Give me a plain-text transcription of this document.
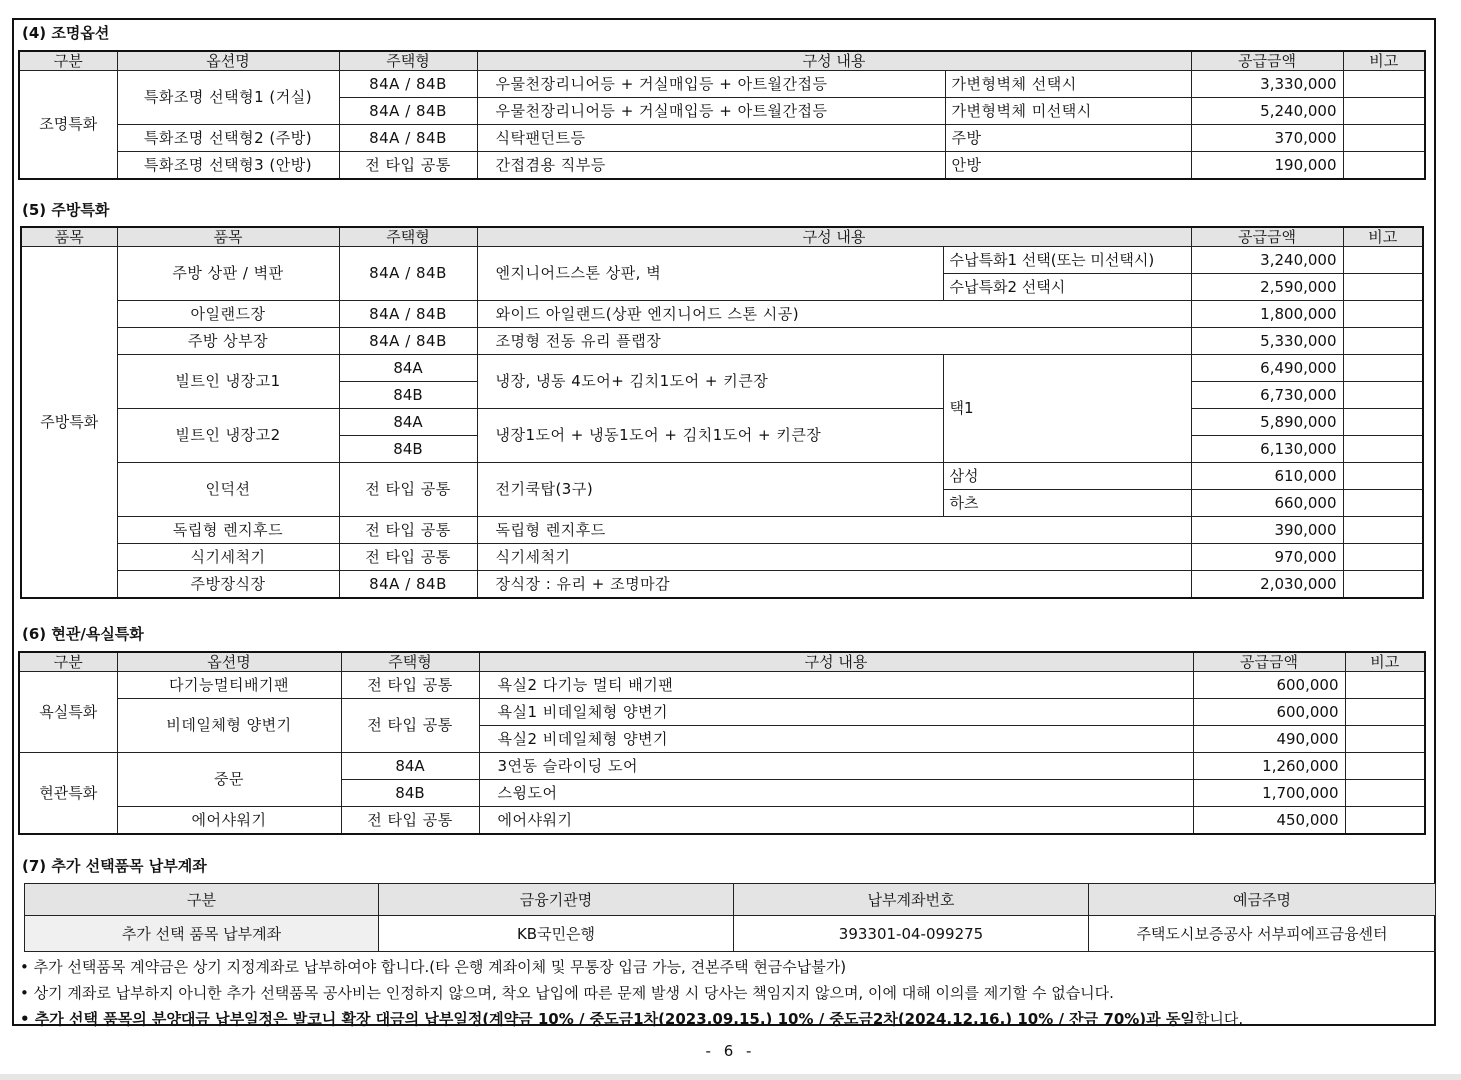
(4) 조명옵션
구분	옵션명	주택형	구성 내용		공급금액	비고
조명특화	특화조명 선택형1 (거실)	84A / 84B	우물천장리니어등 + 거실매입등 + 아트월간접등	가변형벽체 선택시	3,330,000	
		84A / 84B	우물천장리니어등 + 거실매입등 + 아트월간접등	가변형벽체 미선택시	5,240,000	
	특화조명 선택형2 (주방)	84A / 84B	식탁팬던트등	주방	370,000	
	특화조명 선택형3 (안방)	전 타입 공통	간접겸용 직부등	안방	190,000	
(5) 주방특화
품목	품목	주택형	구성 내용		공급금액	비고
주방특화	주방 상판 / 벽판	84A / 84B	엔지니어드스톤 상판, 벽	수납특화1 선택(또는 미선택시)	3,240,000	
				수납특화2 선택시	2,590,000	
	아일랜드장	84A / 84B	와이드 아일랜드(상판 엔지니어드 스톤 시공)		1,800,000	
	주방 상부장	84A / 84B	조명형 전동 유리 플랩장		5,330,000	
	빌트인 냉장고1	84A	냉장, 냉동 4도어+ 김치1도어 + 키큰장	택1	6,490,000	
		84B			6,730,000	
	빌트인 냉장고2	84A	냉장1도어 + 냉동1도어 + 김치1도어 + 키큰장		5,890,000	
		84B			6,130,000	
	인덕션	전 타입 공통	전기쿡탑(3구)	삼성	610,000	
				하츠	660,000	
	독립형 렌지후드	전 타입 공통	독립형 렌지후드		390,000	
	식기세척기	전 타입 공통	식기세척기		970,000	
	주방장식장	84A / 84B	장식장 : 유리 + 조명마감		2,030,000	
(6) 현관/욕실특화
구분	옵션명	주택형	구성 내용	공급금액	비고
욕실특화	다기능멀티배기팬	전 타입 공통	욕실2 다기능 멀티 배기팬	600,000	
	비데일체형 양변기	전 타입 공통	욕실1 비데일체형 양변기	600,000	
			욕실2 비데일체형 양변기	490,000	
현관특화	중문	84A	3연동 슬라이딩 도어	1,260,000	
		84B	스윙도어	1,700,000	
	에어샤워기	전 타입 공통	에어샤워기	450,000	
(7) 추가 선택품목 납부계좌
구분	금융기관명	납부계좌번호	예금주명
추가 선택 품목 납부계좌	KB국민은행	393301-04-099275	주택도시보증공사 서부피에프금융센터
• 추가 선택품목 계약금은 상기 지정계좌로 납부하여야 합니다.(타 은행 계좌이체 및 무통장 입금 가능, 견본주택 현금수납불가)
• 상기 계좌로 납부하지 아니한 추가 선택품목 공사비는 인정하지 않으며, 착오 납입에 따른 문제 발생 시 당사는 책임지지 않으며, 이에 대해 이의를 제기할 수 없습니다.
• 추가 선택 품목의 분양대금 납부일정은 발코니 확장 대금의 납부일정(계약금 10% / 중도금1차(2023.09.15.) 10% / 중도금2차(2024.12.16.) 10% / 잔금 70%)과 동일합니다.
- 6 -
